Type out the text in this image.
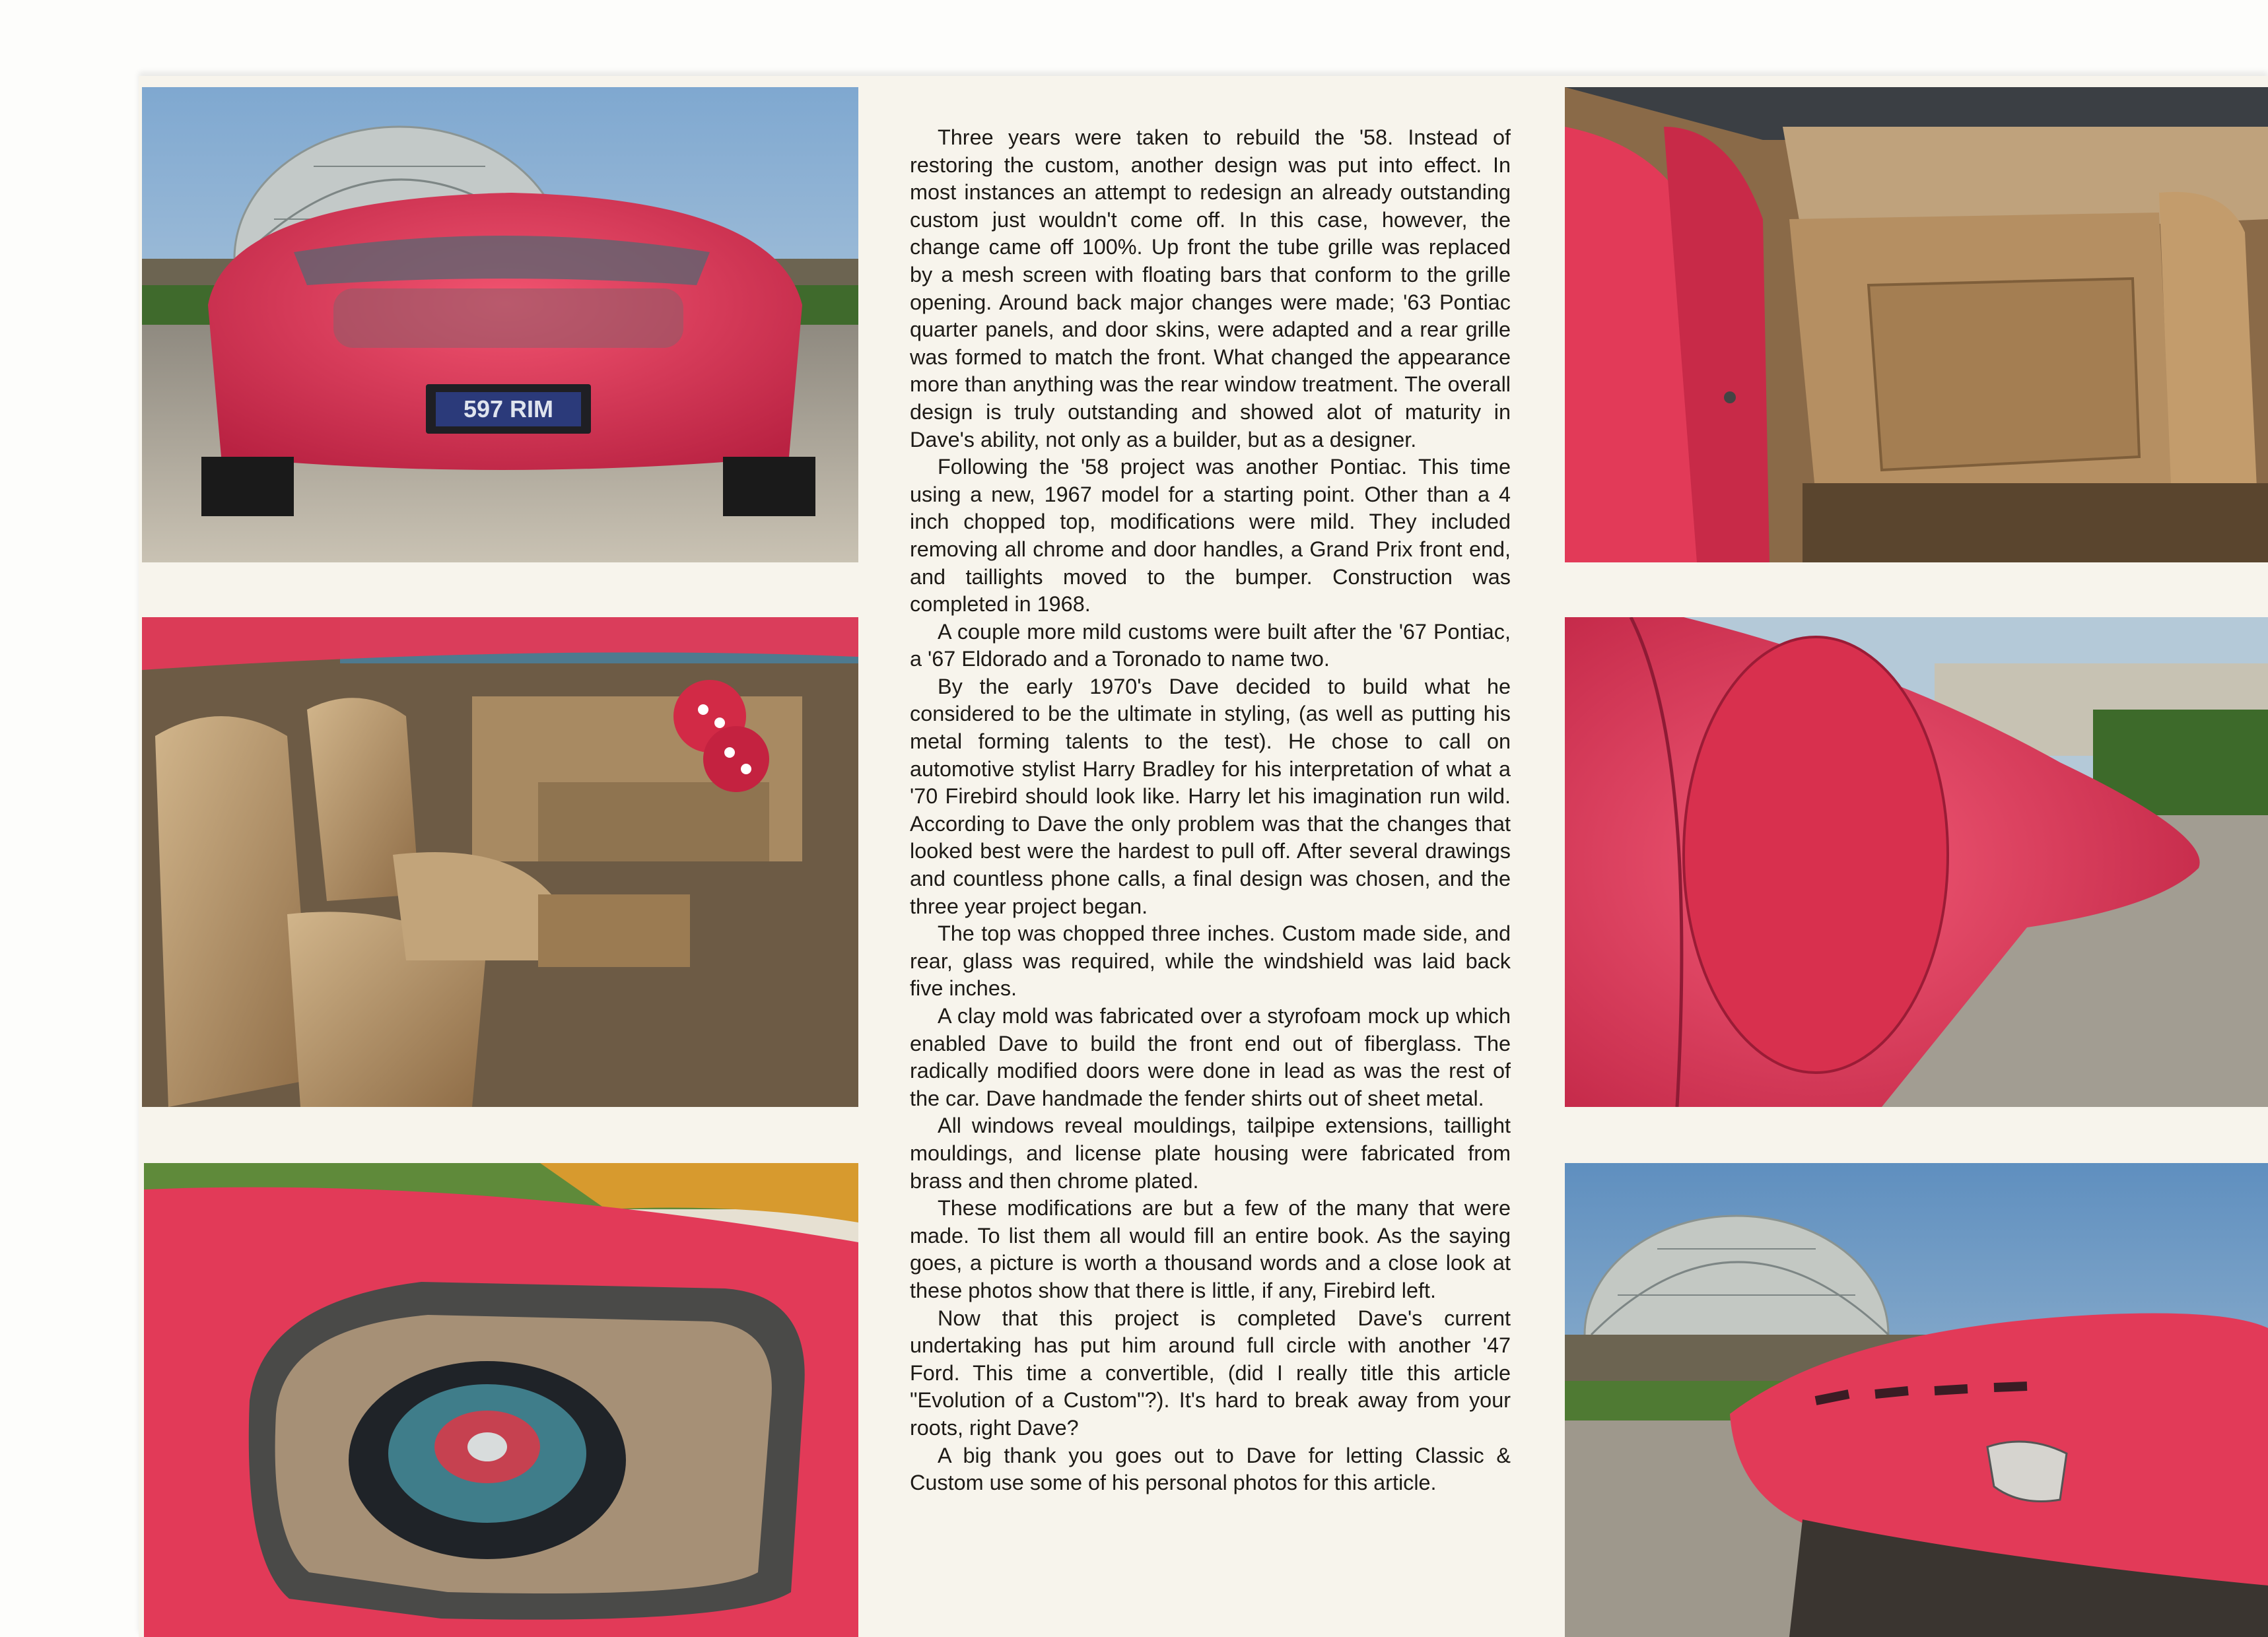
597 RIM

Three years were taken to rebuild the '58. Instead of restoring the custom, another design was put into effect. In most instances an attempt to redesign an already outstanding custom just wouldn't come off. In this case, however, the change came off 100%. Up front the tube grille was replaced by a mesh screen with floating bars that conform to the grille opening. Around back major changes were made; '63 Pontiac quarter panels, and door skins, were adapted and a rear grille was formed to match the front. What changed the appearance more than anything was the rear window treatment. The overall design is truly outstanding and showed alot of maturity in Dave's ability, not only as a builder, but as a designer.

Following the '58 project was another Pontiac. This time using a new, 1967 model for a starting point. Other than a 4 inch chopped top, modifications were mild. They included removing all chrome and door handles, a Grand Prix front end, and taillights moved to the bumper. Construction was completed in 1968.

A couple more mild customs were built after the '67 Pontiac, a '67 Eldorado and a Toronado to name two.

By the early 1970's Dave decided to build what he considered to be the ultimate in styling, (as well as putting his metal forming talents to the test). He chose to call on automotive stylist Harry Bradley for his interpretation of what a '70 Firebird should look like. Harry let his imagination run wild. According to Dave the only problem was that the changes that looked best were the hardest to pull off. After several drawings and countless phone calls, a final design was chosen, and the three year project began.

The top was chopped three inches. Custom made side, and rear, glass was required, while the windshield was laid back five inches.

A clay mold was fabricated over a styrofoam mock up which enabled Dave to build the front end out of fiberglass. The radically modified doors were done in lead as was the rest of the car. Dave handmade the fender shirts out of sheet metal.

All windows reveal mouldings, tailpipe extensions, taillight mouldings, and license plate housing were fabricated from brass and then chrome plated.

These modifications are but a few of the many that were made. To list them all would fill an entire book. As the saying goes, a picture is worth a thousand words and a close look at these photos show that there is little, if any, Firebird left.

Now that this project is completed Dave's current undertaking has put him around full circle with another '47 Ford. This time a convertible, (did I really title this article "Evolution of a Custom"?). It's hard to break away from your roots, right Dave?

A big thank you goes out to Dave for letting Classic & Custom use some of his personal photos for this article.
